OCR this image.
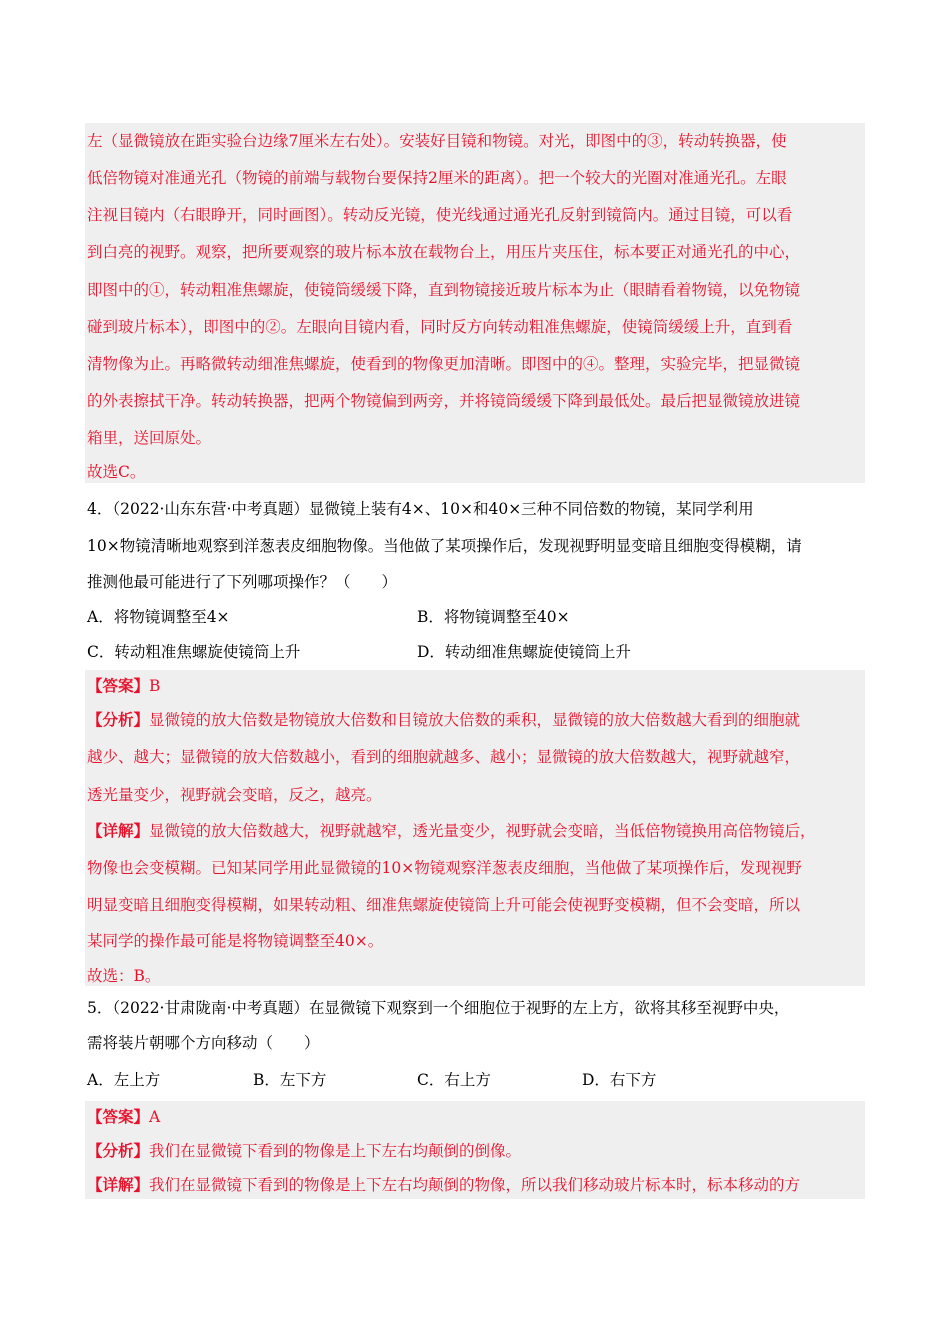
左（显微镜放在距实验台边缘7厘米左右处）。安装好目镜和物镜。对光，即图中的③，转动转换器，使
低倍物镜对准通光孔（物镜的前端与载物台要保持2厘米的距离）。把一个较大的光圈对准通光孔。左眼
注视目镜内（右眼睁开，同时画图）。转动反光镜，使光线通过通光孔反射到镜筒内。通过目镜，可以看
到白亮的视野。观察，把所要观察的玻片标本放在载物台上，用压片夹压住，标本要正对通光孔的中心，
即图中的①，转动粗准焦螺旋，使镜筒缓缓下降，直到物镜接近玻片标本为止（眼睛看着物镜，以免物镜
碰到玻片标本），即图中的②。左眼向目镜内看，同时反方向转动粗准焦螺旋，使镜筒缓缓上升，直到看
清物像为止。再略微转动细准焦螺旋，使看到的物像更加清晰。即图中的④。整理，实验完毕，把显微镜
的外表擦拭干净。转动转换器，把两个物镜偏到两旁，并将镜筒缓缓下降到最低处。最后把显微镜放进镜
箱里，送回原处。
故选C。
4．（2022·山东东营·中考真题）显微镜上装有4×、10×和40×三种不同倍数的物镜，某同学利用
10×物镜清晰地观察到洋葱表皮细胞物像。当他做了某项操作后，发现视野明显变暗且细胞变得模糊，请
推测他最可能进行了下列哪项操作？（　　）
A．将物镜调整至4×	B．将物镜调整至40×
C．转动粗准焦螺旋使镜筒上升	D．转动细准焦螺旋使镜筒上升
【答案】B
【分析】显微镜的放大倍数是物镜放大倍数和目镜放大倍数的乘积，显微镜的放大倍数越大看到的细胞就
越少、越大；显微镜的放大倍数越小，看到的细胞就越多、越小；显微镜的放大倍数越大，视野就越窄，
透光量变少，视野就会变暗，反之，越亮。
【详解】显微镜的放大倍数越大，视野就越窄，透光量变少，视野就会变暗，当低倍物镜换用高倍物镜后，
物像也会变模糊。已知某同学用此显微镜的10×物镜观察洋葱表皮细胞，当他做了某项操作后，发现视野
明显变暗且细胞变得模糊，如果转动粗、细准焦螺旋使镜筒上升可能会使视野变模糊，但不会变暗，所以
某同学的操作最可能是将物镜调整至40×。
故选：B。
5．（2022·甘肃陇南·中考真题）在显微镜下观察到一个细胞位于视野的左上方，欲将其移至视野中央，
需将装片朝哪个方向移动（　　）
A．左上方	B．左下方	C．右上方	D．右下方
【答案】A
【分析】我们在显微镜下看到的物像是上下左右均颠倒的倒像。
【详解】我们在显微镜下看到的物像是上下左右均颠倒的物像，所以我们移动玻片标本时，标本移动的方
